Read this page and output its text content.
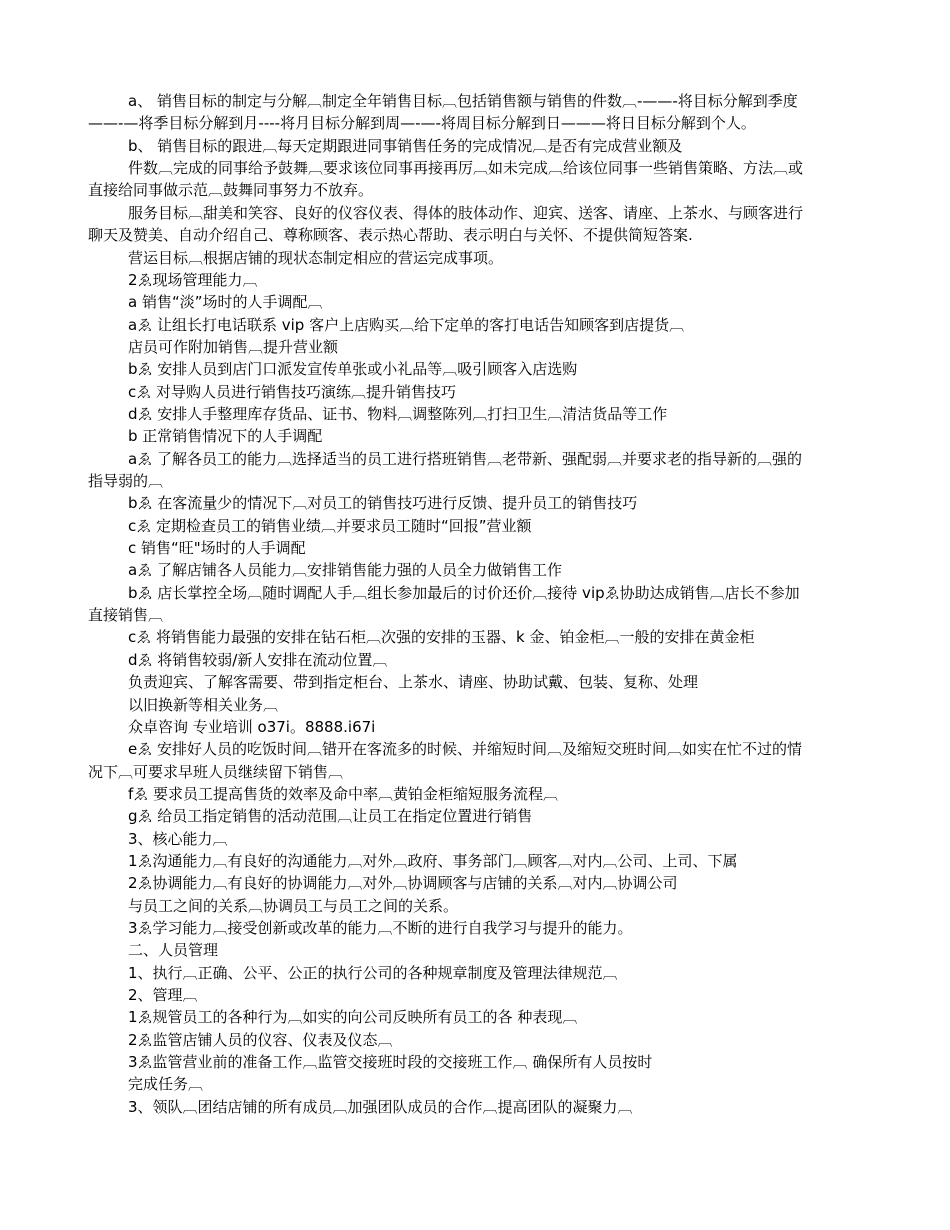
a、 销售目标的制定与分解︹制定全年销售目标︹包括销售额与销售的件数︹-——-将目标分解到季度
——-—将季目标分解到月----将月目标分解到周—-—-将周目标分解到日———将日目标分解到个人。
b、 销售目标的跟进︹每天定期跟进同事销售任务的完成情况︹是否有完成营业额及
件数︹完成的同事给予鼓舞︹要求该位同事再接再厉︹如未完成︹给该位同事一些销售策略、方法︹或
直接给同事做示范︹鼓舞同事努力不放弃。
服务目标︹甜美和笑容、良好的仪容仪表、得体的肢体动作、迎宾、送客、请座、上茶水、与顾客进行
聊天及赞美、自动介绍自己、尊称顾客、表示热心帮助、表示明白与关怀、不提供简短答案.
营运目标︹根据店铺的现状态制定相应的营运完成事项。
2ゑ现场管理能力︹
a 销售“淡”场时的人手调配︹
aゑ 让组长打电话联系 vip 客户上店购买︹给下定单的客打电话告知顾客到店提货︹
店员可作附加销售︹提升营业额
bゑ 安排人员到店门口派发宣传单张或小礼品等︹吸引顾客入店选购
cゑ 对导购人员进行销售技巧演练︹提升销售技巧
dゑ 安排人手整理库存货品、证书、物料︹调整陈列︹打扫卫生︹清洁货品等工作
b 正常销售情况下的人手调配
aゑ 了解各员工的能力︹选择适当的员工进行搭班销售︹老带新、强配弱︹并要求老的指导新的︹强的
指导弱的︹
bゑ 在客流量少的情况下︹对员工的销售技巧进行反馈、提升员工的销售技巧
cゑ 定期检查员工的销售业绩︹并要求员工随时“回报”营业额
c 销售“旺"场时的人手调配
aゑ 了解店铺各人员能力︹安排销售能力强的人员全力做销售工作
bゑ 店长掌控全场︹随时调配人手︹组长参加最后的讨价还价︹接待 vipゑ协助达成销售︹店长不参加
直接销售︹
cゑ 将销售能力最强的安排在钻石柜︹次强的安排的玉器、k 金、铂金柜︹一般的安排在黄金柜
dゑ 将销售较弱/新人安排在流动位置︹
负责迎宾、了解客需要、带到指定柜台、上茶水、请座、协助试戴、包装、复称、处理
以旧换新等相关业务︹
众卓咨询 专业培训 o37i。8888.i67i
eゑ 安排好人员的吃饭时间︹错开在客流多的时候、并缩短时间︹及缩短交班时间︹如实在忙不过的情
况下︹可要求早班人员继续留下销售︹
fゑ 要求员工提高售货的效率及命中率︹黄铂金柜缩短服务流程︹
gゑ 给员工指定销售的活动范围︹让员工在指定位置进行销售
3、核心能力︹
1ゑ沟通能力︹有良好的沟通能力︹对外︹政府、事务部门︹顾客︹对内︹公司、上司、下属
2ゑ协调能力︹有良好的协调能力︹对外︹协调顾客与店铺的关系︹对内︹协调公司
与员工之间的关系︹协调员工与员工之间的关系。
3ゑ学习能力︹接受创新或改革的能力︹不断的进行自我学习与提升的能力。
二、人员管理
1、执行︹正确、公平、公正的执行公司的各种规章制度及管理法律规范︹
2、管理︹
1ゑ规管员工的各种行为︹如实的向公司反映所有员工的各 种表现︹
2ゑ监管店铺人员的仪容、仪表及仪态︹
3ゑ监管营业前的准备工作︹监管交接班时段的交接班工作︹ 确保所有人员按时
完成任务︹
3、领队︹团结店铺的所有成员︹加强团队成员的合作︹提高团队的凝聚力︹
